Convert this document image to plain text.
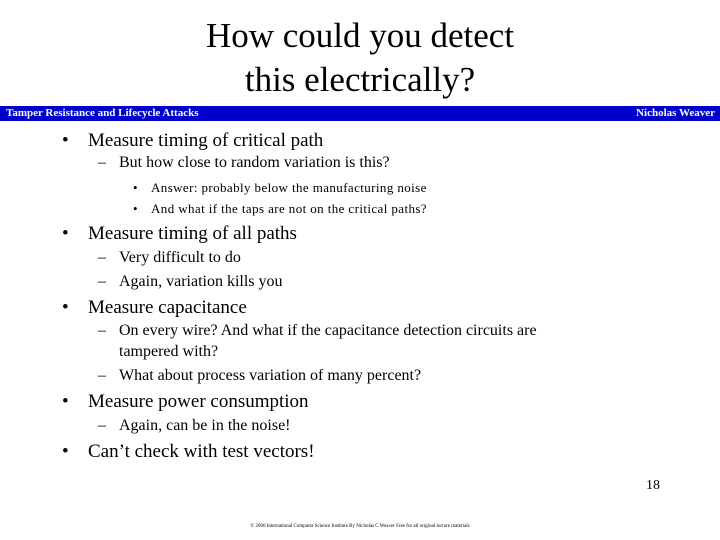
How could you detect
this electrically?
Tamper Resistance and Lifecycle Attacks	Nicholas Weaver
• Measure timing of critical path
– But how close to random variation is this?
• Answer: probably below the manufacturing noise
• And what if the taps are not on the critical paths?
• Measure timing of all paths
– Very difficult to do
– Again, variation kills you
• Measure capacitance
– On every wire? And what if the capacitance detection circuits are
tampered with?
– What about process variation of many percent?
• Measure power consumption
– Again, can be in the noise!
• Can’t check with test vectors!
18
© 2006 International Computer Science Institute By Nicholas C Weaver Free for all original lecture materials
